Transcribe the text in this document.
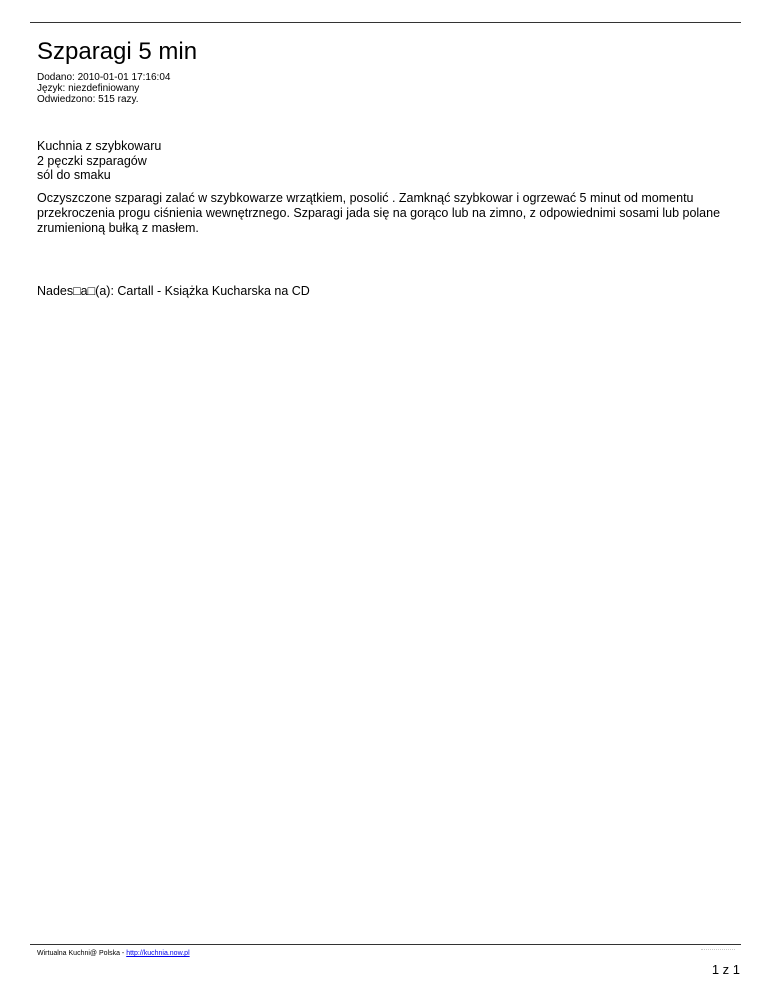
Szparagi 5 min
Dodano: 2010-01-01 17:16:04
Język: niezdefiniowany
Odwiedzono: 515 razy.
Kuchnia z szybkowaru
2 pęczki szparagów
sól do smaku

Oczyszczone szparagi zalać w szybkowarze wrzątkiem, posolić . Zamknąć szybkowar i ogrzewać 5 minut od momentu przekroczenia progu ciśnienia wewnętrznego. Szparagi jada się na gorąco lub na zimno, z odpowiednimi sosami lub polane zrumienioną bułką z masłem.

Nades□a□(a): Cartall - Książka Kucharska na CD
Wirtualna Kuchni@ Polska - http://kuchnia.now.pl
1 z 1
